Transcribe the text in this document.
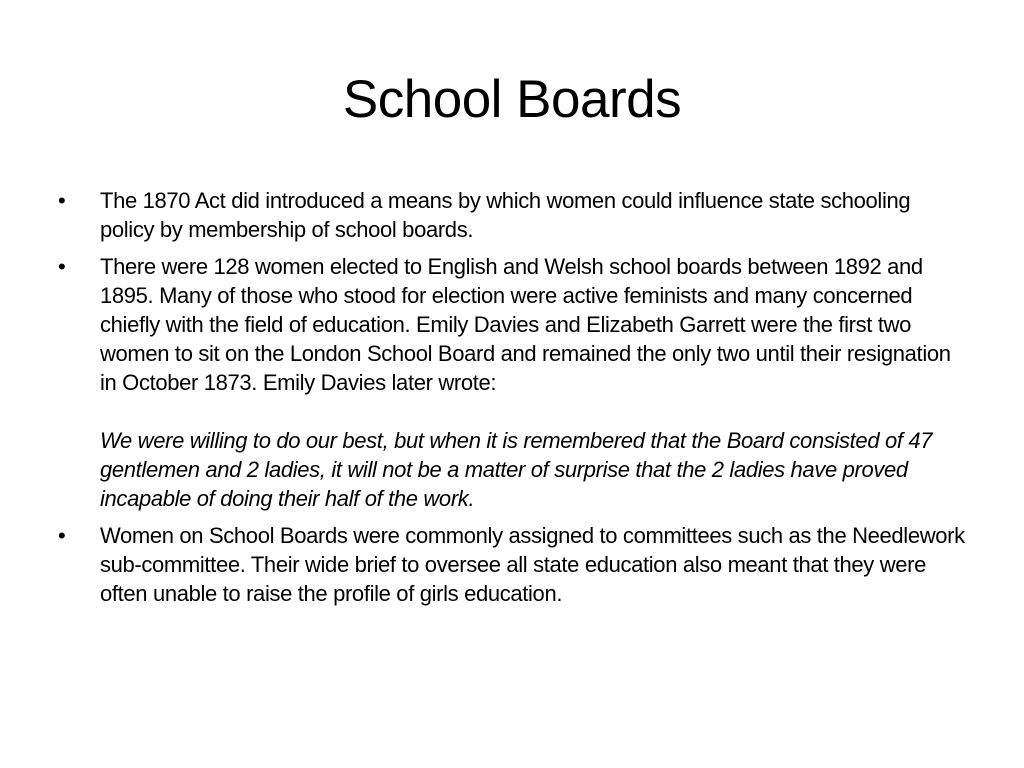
School Boards
• The 1870 Act did introduced a means by which women could influence state schooling policy by membership of school boards.
• There were 128 women elected to English and Welsh school boards between 1892 and 1895. Many of those who stood for election were active feminists and many concerned chiefly with the field of education. Emily Davies and Elizabeth Garrett were the first two women to sit on the London School Board and remained the only two until their resignation in October 1873. Emily Davies later wrote:
We were willing to do our best, but when it is remembered that the Board consisted of 47 gentlemen and 2 ladies, it will not be a matter of surprise that the 2 ladies have proved incapable of doing their half of the work.
• Women on School Boards were commonly assigned to committees such as the Needlework sub-committee. Their wide brief to oversee all state education also meant that they were often unable to raise the profile of girls education.
